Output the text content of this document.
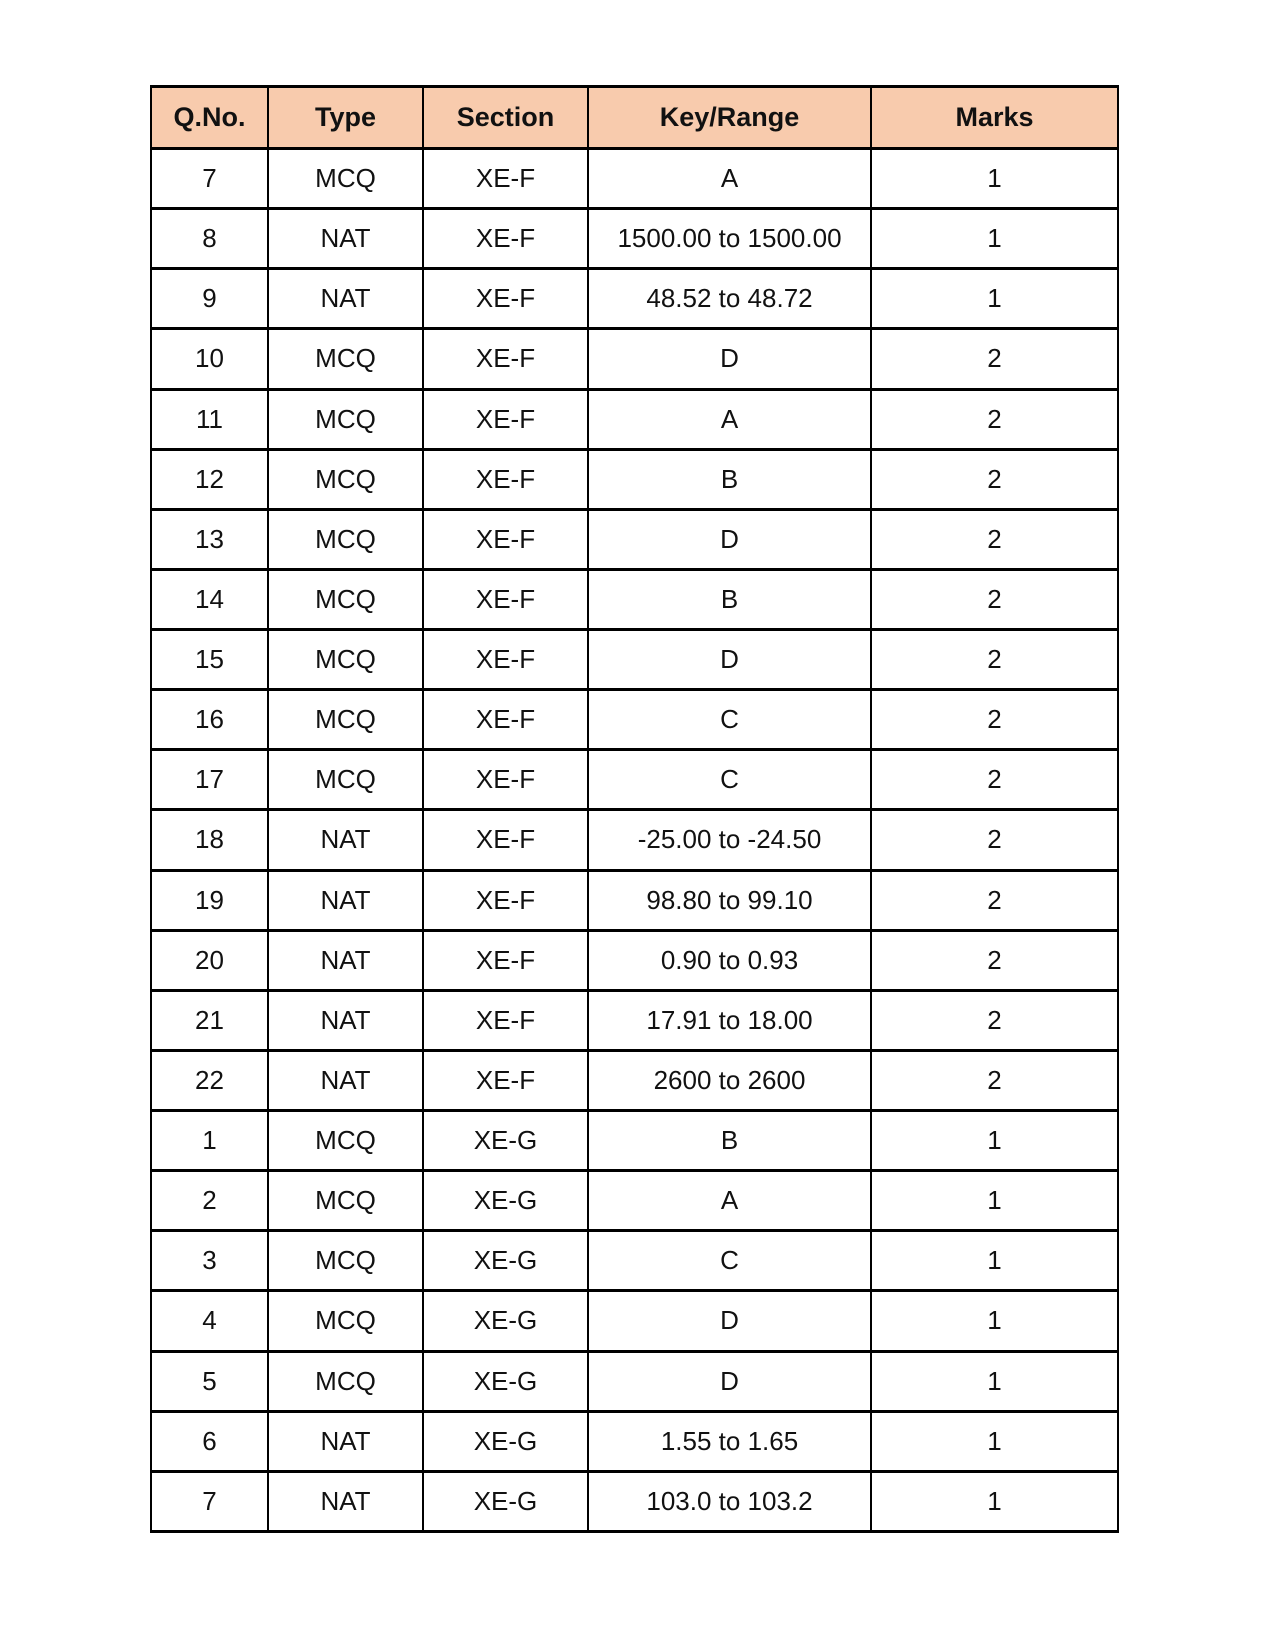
Q.No.	Type	Section	Key/Range	Marks
7	MCQ	XE-F	A	1
8	NAT	XE-F	1500.00 to 1500.00	1
9	NAT	XE-F	48.52 to 48.72	1
10	MCQ	XE-F	D	2
11	MCQ	XE-F	A	2
12	MCQ	XE-F	B	2
13	MCQ	XE-F	D	2
14	MCQ	XE-F	B	2
15	MCQ	XE-F	D	2
16	MCQ	XE-F	C	2
17	MCQ	XE-F	C	2
18	NAT	XE-F	-25.00 to -24.50	2
19	NAT	XE-F	98.80 to 99.10	2
20	NAT	XE-F	0.90 to 0.93	2
21	NAT	XE-F	17.91 to 18.00	2
22	NAT	XE-F	2600 to 2600	2
1	MCQ	XE-G	B	1
2	MCQ	XE-G	A	1
3	MCQ	XE-G	C	1
4	MCQ	XE-G	D	1
5	MCQ	XE-G	D	1
6	NAT	XE-G	1.55 to 1.65	1
7	NAT	XE-G	103.0 to 103.2	1
